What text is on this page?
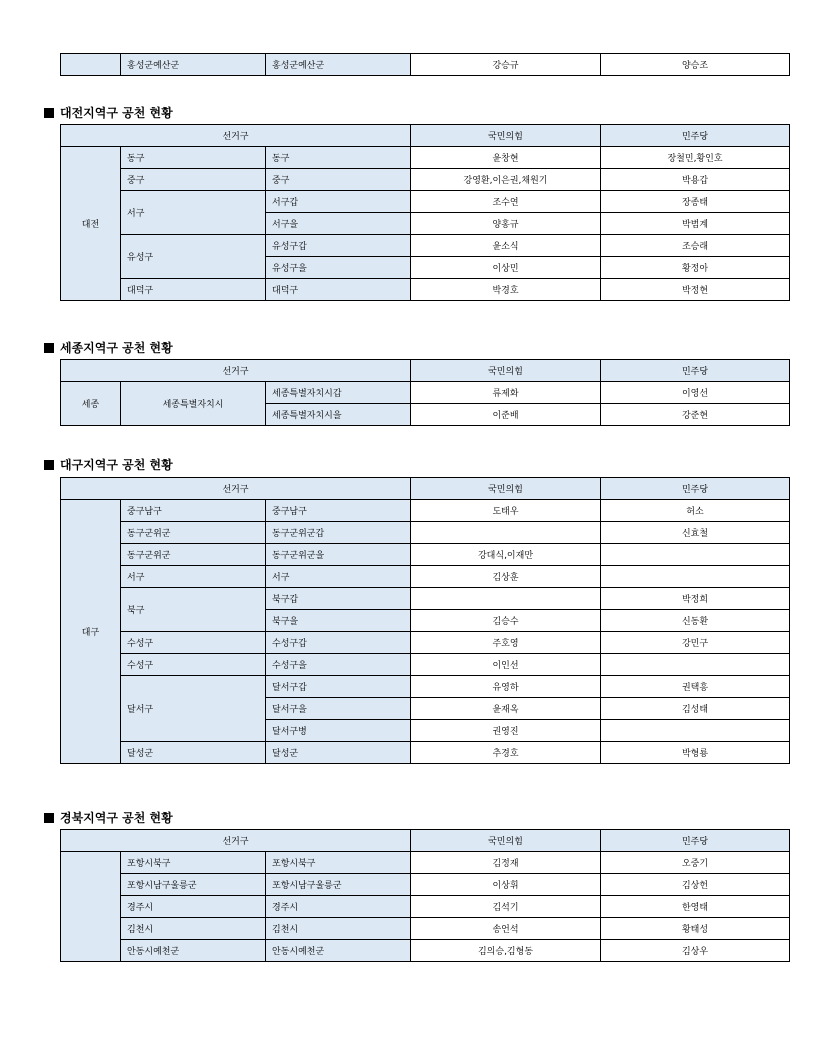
	홍성군예산군	홍성군예산군	강승규	양승조
대전지역구 공천 현황
선거구			국민의힘	민주당
대전	동구	동구	윤창현	장철민,황인호
	중구	중구	강영환,이은권,채원기	박용갑
	서구	서구갑	조수연	장종태
		서구을	양홍규	박범계
	유성구	유성구갑	윤소식	조승래
		유성구을	이상민	황정아
	대덕구	대덕구	박경호	박정현
세종지역구 공천 현황
선거구			국민의힘	민주당
세종	세종특별자치시	세종특별자치시갑	류제화	이영선
		세종특별자치시을	이준배	강준현
대구지역구 공천 현황
선거구			국민의힘	민주당
대구	중구남구	중구남구	도태우	허소
	동구군위군	동구군위군갑		신효철
	동구군위군	동구군위군을	강대식,이재만	
	서구	서구	김상훈	
	북구	북구갑		박정희
		북구을	김승수	신동환
	수성구	수성구갑	주호영	강민구
	수성구	수성구을	이인선	
	달서구	달서구갑	유영하	권택흥
		달서구을	윤재옥	김성태
		달서구병	권영진	
	달성군	달성군	추경호	박형룡
경북지역구 공천 현황
선거구			국민의힘	민주당
	포항시북구	포항시북구	김정재	오중기
	포항시남구울릉군	포항시남구울릉군	이상휘	김상헌
	경주시	경주시	김석기	한영태
	김천시	김천시	송언석	황태성
	안동시예천군	안동시예천군	김의승,김형동	김상우
